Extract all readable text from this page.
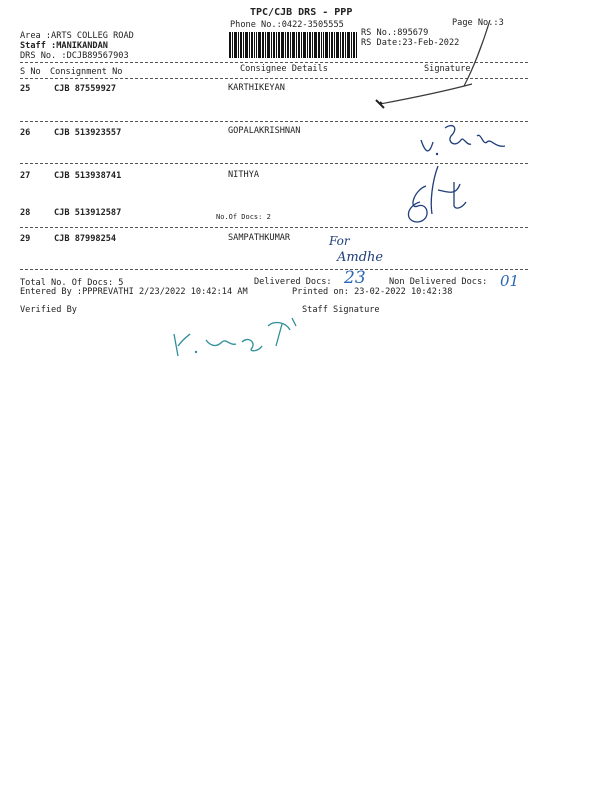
TPC/CJB DRS - PPP
Phone No.:0422-3505555	Page No.:3
RS No.:895679
RS Date:23-Feb-2022
Area :ARTS COLLEG ROAD
Staff :MANIKANDAN
DRS No. :DCJB89567903
S No Consignment No	Consignee Details	Signature
25	CJB 87559927	KARTHIKEYAN
26	CJB 513923557	GOPALAKRISHNAN
27	CJB 513938741	NITHYA
28	CJB 513912587	No.Of Docs: 2
29	CJB 87998254	SAMPATHKUMAR
Total No. Of Docs: 5	Delivered Docs: 23	Non Delivered Docs: 01
Entered By :PPPREVATHI 2/23/2022 10:42:14 AM	Printed on: 23-02-2022 10:42:38
Verified By	Staff Signature
For
Amdhe
